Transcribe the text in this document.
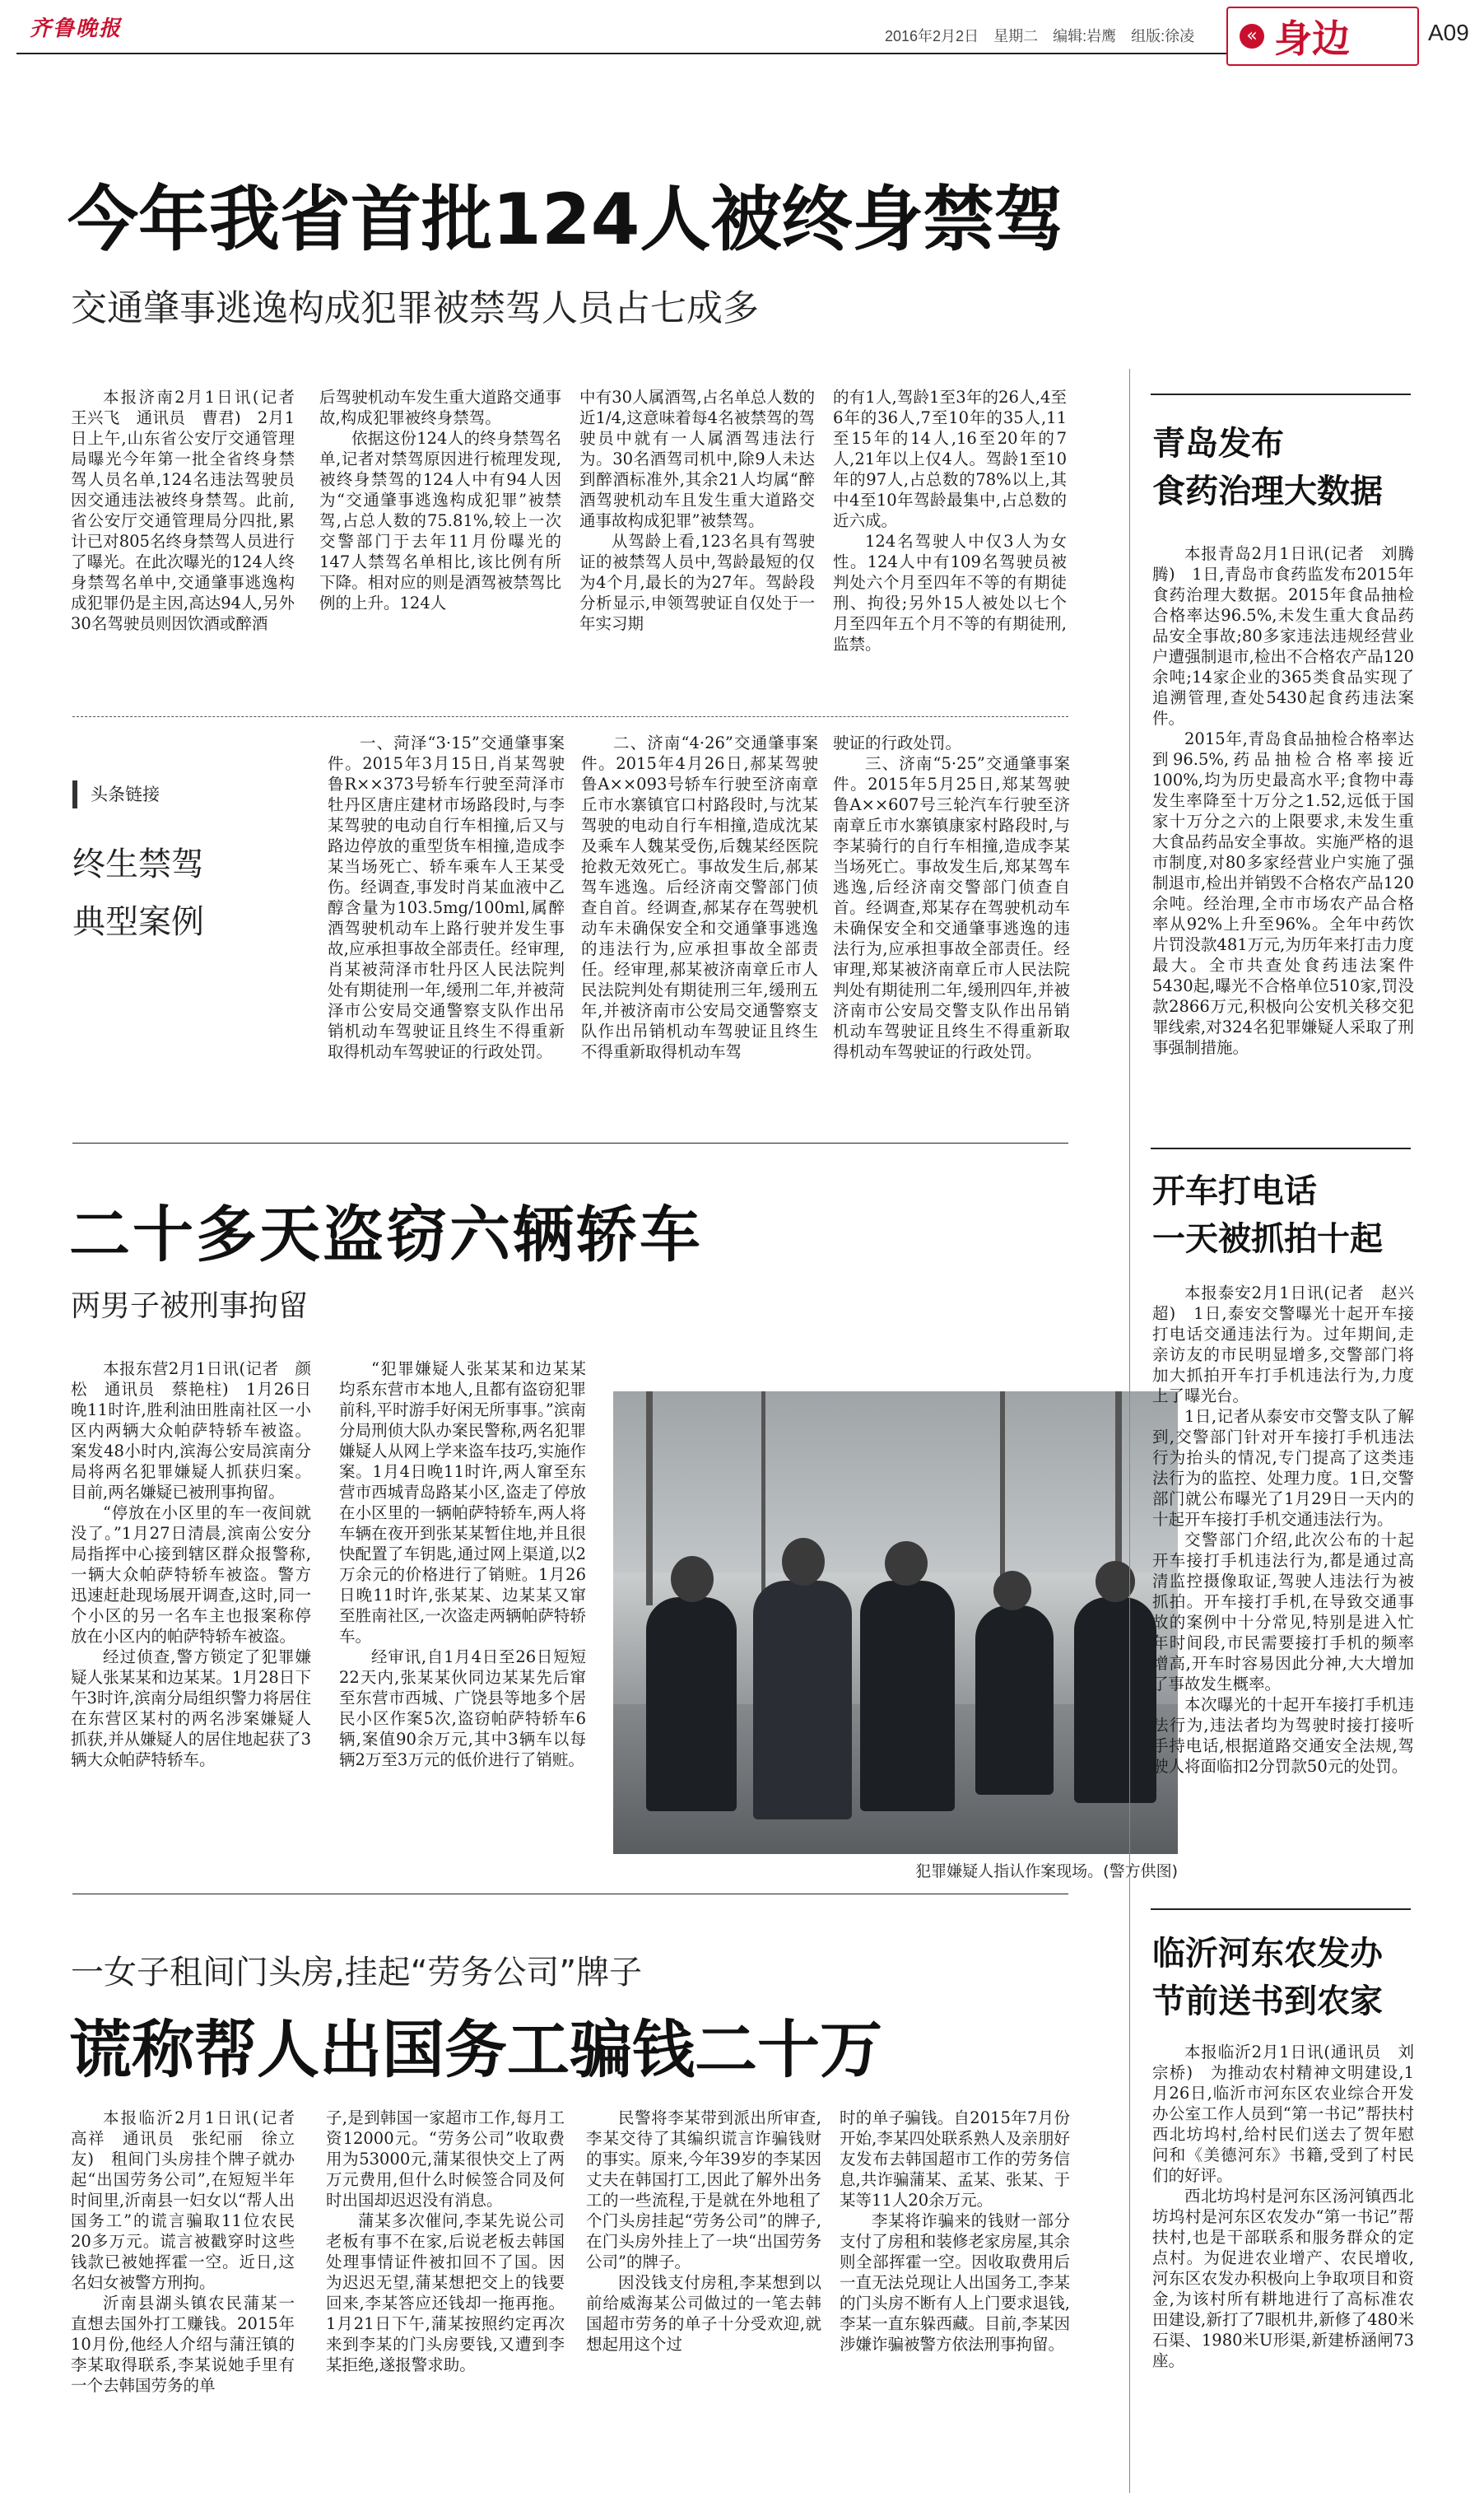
齐鲁晚报	2016年2月2日　星期二　编辑:岩鹰　组版:徐凌	« 身边	A09
今年我省首批124人被终身禁驾
交通肇事逃逸构成犯罪被禁驾人员占七成多

本报济南2月1日讯(记者　王兴飞　通讯员　曹君)　2月1日上午,山东省公安厅交通管理局曝光今年第一批全省终身禁驾人员名单,124名违法驾驶员因交通违法被终身禁驾。此前,省公安厅交通管理局分四批,累计已对805名终身禁驾人员进行了曝光。在此次曝光的124人终身禁驾名单中,交通肇事逃逸构成犯罪仍是主因,高达94人,另外30名驾驶员则因饮酒或醉酒

后驾驶机动车发生重大道路交通事故,构成犯罪被终身禁驾。

依据这份124人的终身禁驾名单,记者对禁驾原因进行梳理发现,被终身禁驾的124人中有94人因为“交通肇事逃逸构成犯罪”被禁驾,占总人数的75.81%,较上一次交警部门于去年11月份曝光的147人禁驾名单相比,该比例有所下降。相对应的则是酒驾被禁驾比例的上升。124人

中有30人属酒驾,占名单总人数的近1/4,这意味着每4名被禁驾的驾驶员中就有一人属酒驾违法行为。30名酒驾司机中,除9人未达到醉酒标准外,其余21人均属“醉酒驾驶机动车且发生重大道路交通事故构成犯罪”被禁驾。

从驾龄上看,123名具有驾驶证的被禁驾人员中,驾龄最短的仅为4个月,最长的为27年。驾龄段分析显示,申领驾驶证自仅处于一年实习期

的有1人,驾龄1至3年的26人,4至6年的36人,7至10年的35人,11至15年的14人,16至20年的7人,21年以上仅4人。驾龄1至10年的97人,占总数的78%以上,其中4至10年驾龄最集中,占总数的近六成。

124名驾驶人中仅3人为女性。124人中有109名驾驶员被判处六个月至四年不等的有期徒刑、拘役;另外15人被处以七个月至四年五个月不等的有期徒刑,监禁。

头条链接
终生禁驾
典型案例

一、菏泽“3·15”交通肇事案件。2015年3月15日,肖某驾驶鲁R××373号轿车行驶至菏泽市牡丹区唐庄建材市场路段时,与李某驾驶的电动自行车相撞,后又与路边停放的重型货车相撞,造成李某当场死亡、轿车乘车人王某受伤。经调查,事发时肖某血液中乙醇含量为103.5mg/100ml,属醉酒驾驶机动车上路行驶并发生事故,应承担事故全部责任。经审理,肖某被菏泽市牡丹区人民法院判处有期徒刑一年,缓刑二年,并被菏泽市公安局交通警察支队作出吊销机动车驾驶证且终生不得重新取得机动车驾驶证的行政处罚。

二、济南“4·26”交通肇事案件。2015年4月26日,郝某驾驶鲁A××093号轿车行驶至济南章丘市水寨镇官口村路段时,与沈某驾驶的电动自行车相撞,造成沈某及乘车人魏某受伤,后魏某经医院抢救无效死亡。事故发生后,郝某驾车逃逸。后经济南交警部门侦查自首。经调查,郝某存在驾驶机动车未确保安全和交通肇事逃逸的违法行为,应承担事故全部责任。经审理,郝某被济南章丘市人民法院判处有期徒刑三年,缓刑五年,并被济南市公安局交通警察支队作出吊销机动车驾驶证且终生不得重新取得机动车驾

驶证的行政处罚。

三、济南“5·25”交通肇事案件。2015年5月25日,郑某驾驶鲁A××607号三轮汽车行驶至济南章丘市水寨镇康家村路段时,与李某骑行的自行车相撞,造成李某当场死亡。事故发生后,郑某驾车逃逸,后经济南交警部门侦查自首。经调查,郑某存在驾驶机动车未确保安全和交通肇事逃逸的违法行为,应承担事故全部责任。经审理,郑某被济南章丘市人民法院判处有期徒刑二年,缓刑四年,并被济南市公安局交警支队作出吊销机动车驾驶证且终生不得重新取得机动车驾驶证的行政处罚。

二十多天盗窃六辆轿车
两男子被刑事拘留

本报东营2月1日讯(记者　颜松　通讯员　蔡艳柱)　1月26日晚11时许,胜利油田胜南社区一小区内两辆大众帕萨特轿车被盗。案发48小时内,滨海公安局滨南分局将两名犯罪嫌疑人抓获归案。目前,两名嫌疑已被刑事拘留。

“停放在小区里的车一夜间就没了。”1月27日清晨,滨南公安分局指挥中心接到辖区群众报警称,一辆大众帕萨特轿车被盗。警方迅速赶赴现场展开调查,这时,同一个小区的另一名车主也报案称停放在小区内的帕萨特轿车被盗。

经过侦查,警方锁定了犯罪嫌疑人张某某和边某某。1月28日下午3时许,滨南分局组织警力将居住在东营区某村的两名涉案嫌疑人抓获,并从嫌疑人的居住地起获了3辆大众帕萨特轿车。

“犯罪嫌疑人张某某和边某某均系东营市本地人,且都有盗窃犯罪前科,平时游手好闲无所事事。”滨南分局刑侦大队办案民警称,两名犯罪嫌疑人从网上学来盗车技巧,实施作案。1月4日晚11时许,两人窜至东营市西城青岛路某小区,盗走了停放在小区里的一辆帕萨特轿车,两人将车辆在夜开到张某某暂住地,并且很快配置了车钥匙,通过网上渠道,以2万余元的价格进行了销赃。1月26日晚11时许,张某某、边某某又窜至胜南社区,一次盗走两辆帕萨特轿车。

经审讯,自1月4日至26日短短22天内,张某某伙同边某某先后窜至东营市西城、广饶县等地多个居民小区作案5次,盗窃帕萨特轿车6辆,案值90余万元,其中3辆车以每辆2万至3万元的低价进行了销赃。

犯罪嫌疑人指认作案现场。(警方供图)
一女子租间门头房,挂起“劳务公司”牌子
谎称帮人出国务工骗钱二十万

本报临沂2月1日讯(记者　高祥　通讯员　张纪丽　徐立友)　租间门头房挂个牌子就办起“出国劳务公司”,在短短半年时间里,沂南县一妇女以“帮人出国务工”的谎言骗取11位农民20多万元。谎言被戳穿时这些钱款已被她挥霍一空。近日,这名妇女被警方刑拘。

沂南县湖头镇农民蒲某一直想去国外打工赚钱。2015年10月份,他经人介绍与蒲汪镇的李某取得联系,李某说她手里有一个去韩国劳务的单

子,是到韩国一家超市工作,每月工资12000元。“劳务公司”收取费用为53000元,蒲某很快交上了两万元费用,但什么时候签合同及何时出国却迟迟没有消息。

蒲某多次催问,李某先说公司老板有事不在家,后说老板去韩国处理事情证件被扣回不了国。因为迟迟无望,蒲某想把交上的钱要回来,李某答应还钱却一拖再拖。1月21日下午,蒲某按照约定再次来到李某的门头房要钱,又遭到李某拒绝,遂报警求助。

民警将李某带到派出所审查,李某交待了其编织谎言诈骗钱财的事实。原来,今年39岁的李某因丈夫在韩国打工,因此了解外出务工的一些流程,于是就在外地租了个门头房挂起“劳务公司”的牌子,在门头房外挂上了一块“出国劳务公司”的牌子。

因没钱支付房租,李某想到以前给威海某公司做过的一笔去韩国超市劳务的单子十分受欢迎,就想起用这个过

时的单子骗钱。自2015年7月份开始,李某四处联系熟人及亲朋好友发布去韩国超市工作的劳务信息,共诈骗蒲某、孟某、张某、于某等11人20余万元。

李某将诈骗来的钱财一部分支付了房租和装修老家房屋,其余则全部挥霍一空。因收取费用后一直无法兑现让人出国务工,李某的门头房不断有人上门要求退钱,李某一直东躲西藏。目前,李某因涉嫌诈骗被警方依法刑事拘留。

青岛发布
食药治理大数据

本报青岛2月1日讯(记者　刘腾腾)　1日,青岛市食药监发布2015年食药治理大数据。2015年食品抽检合格率达96.5%,未发生重大食品药品安全事故;80多家违法违规经营业户遭强制退市,检出不合格农产品120余吨;14家企业的365类食品实现了追溯管理,查处5430起食药违法案件。

2015年,青岛食品抽检合格率达到96.5%,药品抽检合格率接近100%,均为历史最高水平;食物中毒发生率降至十万分之1.52,远低于国家十万分之六的上限要求,未发生重大食品药品安全事故。实施严格的退市制度,对80多家经营业户实施了强制退市,检出并销毁不合格农产品120余吨。经治理,全市市场农产品合格率从92%上升至96%。全年中药饮片罚没款481万元,为历年来打击力度最大。全市共查处食药违法案件5430起,曝光不合格单位510家,罚没款2866万元,积极向公安机关移交犯罪线索,对324名犯罪嫌疑人采取了刑事强制措施。

开车打电话
一天被抓拍十起

本报泰安2月1日讯(记者　赵兴超)　1日,泰安交警曝光十起开车接打电话交通违法行为。过年期间,走亲访友的市民明显增多,交警部门将加大抓拍开车打手机违法行为,力度上了曝光台。

1日,记者从泰安市交警支队了解到,交警部门针对开车接打手机违法行为抬头的情况,专门提高了这类违法行为的监控、处理力度。1日,交警部门就公布曝光了1月29日一天内的十起开车接打手机交通违法行为。

交警部门介绍,此次公布的十起开车接打手机违法行为,都是通过高清监控摄像取证,驾驶人违法行为被抓拍。开车接打手机,在导致交通事故的案例中十分常见,特别是进入忙年时间段,市民需要接打手机的频率增高,开车时容易因此分神,大大增加了事故发生概率。

本次曝光的十起开车接打手机违法行为,违法者均为驾驶时接打接听手持电话,根据道路交通安全法规,驾驶人将面临扣2分罚款50元的处罚。

临沂河东农发办
节前送书到农家

本报临沂2月1日讯(通讯员　刘宗桥)　为推动农村精神文明建设,1月26日,临沂市河东区农业综合开发办公室工作人员到“第一书记”帮扶村西北坊坞村,给村民们送去了贺年慰问和《美德河东》书籍,受到了村民们的好评。

西北坊坞村是河东区汤河镇西北坊坞村是河东区农发办“第一书记”帮扶村,也是干部联系和服务群众的定点村。为促进农业增产、农民增收,河东区农发办积极向上争取项目和资金,为该村所有耕地进行了高标准农田建设,新打了7眼机井,新修了480米石渠、1980米U形渠,新建桥涵闸73座。
